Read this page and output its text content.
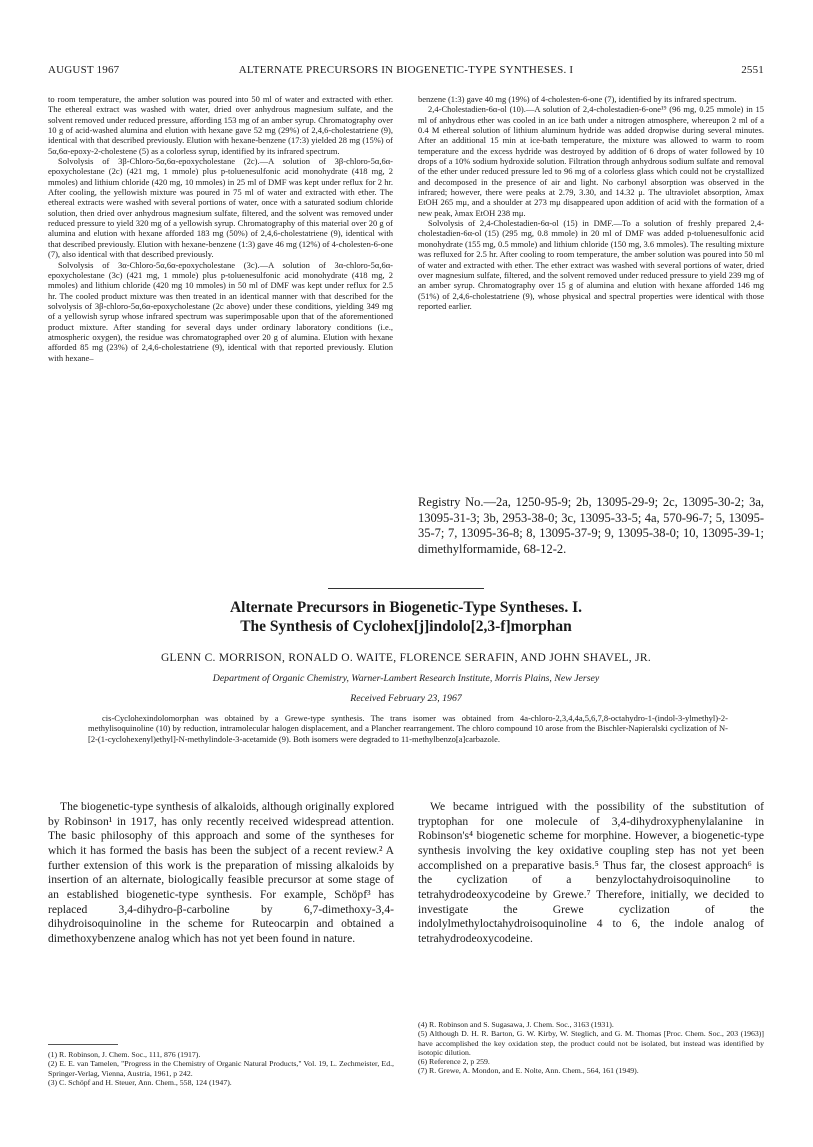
AUGUST 1967	ALTERNATE PRECURSORS IN BIOGENETIC-TYPE SYNTHESES. I	2551

to room temperature, the amber solution was poured into 50 ml of water and extracted with ether. The ethereal extract was washed with water, dried over anhydrous magnesium sulfate, and the solvent removed under reduced pressure, affording 153 mg of an amber syrup. Chromatography over 10 g of acid-washed alumina and elution with hexane gave 52 mg (29%) of 2,4,6-cholestatriene (9), identical with that described previously. Elution with hexane-benzene (17:3) yielded 28 mg (15%) of 5α,6α-epoxy-2-cholestene (5) as a colorless syrup, identified by its infrared spectrum.

Solvolysis of 3β-Chloro-5α,6α-epoxycholestane (2c).—A solution of 3β-chloro-5α,6α-epoxycholestane (2c) (421 mg, 1 mmole) plus p-toluenesulfonic acid monohydrate (418 mg, 2 mmoles) and lithium chloride (420 mg, 10 mmoles) in 25 ml of DMF was kept under reflux for 2 hr. After cooling, the yellowish mixture was poured in 75 ml of water and extracted with ether. The ethereal extracts were washed with several portions of water, once with a saturated sodium chloride solution, then dried over anhydrous magnesium sulfate, filtered, and the solvent was removed under reduced pressure to yield 320 mg of a yellowish syrup. Chromatography of this material over 20 g of alumina and elution with hexane afforded 183 mg (50%) of 2,4,6-cholestatriene (9), identical with that described previously. Elution with hexane-benzene (1:3) gave 46 mg (12%) of 4-cholesten-6-one (7), also identical with that described previously.

Solvolysis of 3α-Chloro-5α,6α-epoxycholestane (3c).—A solution of 3α-chloro-5α,6α-epoxycholestane (3c) (421 mg, 1 mmole) plus p-toluenesulfonic acid monohydrate (418 mg, 2 mmoles) and lithium chloride (420 mg 10 mmoles) in 50 ml of DMF was kept under reflux for 2.5 hr. The cooled product mixture was then treated in an identical manner with that described for the solvolysis of 3β-chloro-5α,6α-epoxycholestane (2c above) under these conditions, yielding 349 mg of a yellowish syrup whose infrared spectrum was superimposable upon that of the aforementioned product mixture. After standing for several days under ordinary laboratory conditions (i.e., atmospheric oxygen), the residue was chromatographed over 20 g of alumina. Elution with hexane afforded 85 mg (23%) of 2,4,6-cholestatriene (9), identical with that reported previously. Elution with hexane–

benzene (1:3) gave 40 mg (19%) of 4-cholesten-6-one (7), identified by its infrared spectrum.

2,4-Cholestadien-6α-ol (10).—A solution of 2,4-cholestadien-6-one¹⁹ (96 mg, 0.25 mmole) in 15 ml of anhydrous ether was cooled in an ice bath under a nitrogen atmosphere, whereupon 2 ml of a 0.4 M ethereal solution of lithium aluminum hydride was added dropwise during several minutes. After an additional 15 min at ice-bath temperature, the mixture was allowed to warm to room temperature and the excess hydride was destroyed by addition of 6 drops of water followed by 10 drops of a 10% sodium hydroxide solution. Filtration through anhydrous sodium sulfate and removal of the ether under reduced pressure led to 96 mg of a colorless glass which could not be crystallized and decomposed in the presence of air and light. No carbonyl absorption was observed in the infrared; however, there were peaks at 2.79, 3.30, and 14.32 μ. The ultraviolet absorption, λmax EtOH 265 mμ, and a shoulder at 273 mμ disappeared upon addition of acid with the formation of a new peak, λmax EtOH 238 mμ.

Solvolysis of 2,4-Cholestadien-6α-ol (15) in DMF.—To a solution of freshly prepared 2,4-cholestadien-6α-ol (15) (295 mg, 0.8 mmole) in 20 ml of DMF was added p-toluenesulfonic acid monohydrate (155 mg, 0.5 mmole) and lithium chloride (150 mg, 3.6 mmoles). The resulting mixture was refluxed for 2.5 hr. After cooling to room temperature, the amber solution was poured into 50 ml of water and extracted with ether. The ether extract was washed with several portions of water, dried over magnesium sulfate, filtered, and the solvent removed under reduced pressure to yield 239 mg of an amber syrup. Chromatography over 15 g of alumina and elution with hexane afforded 146 mg (51%) of 2,4,6-cholestatriene (9), whose physical and spectral properties were identical with those reported earlier.

Registry No.—2a, 1250-95-9; 2b, 13095-29-9; 2c, 13095-30-2; 3a, 13095-31-3; 3b, 2953-38-0; 3c, 13095-33-5; 4a, 570-96-7; 5, 13095-35-7; 7, 13095-36-8; 8, 13095-37-9; 9, 13095-38-0; 10, 13095-39-1; dimethylformamide, 68-12-2.
Alternate Precursors in Biogenetic-Type Syntheses. I.
The Synthesis of Cyclohex[j]indolo[2,3-f]morphan
GLENN C. MORRISON, RONALD O. WAITE, FLORENCE SERAFIN, AND JOHN SHAVEL, JR.
Department of Organic Chemistry, Warner-Lambert Research Institute, Morris Plains, New Jersey
Received February 23, 1967
cis-Cyclohexindolomorphan was obtained by a Grewe-type synthesis. The trans isomer was obtained from 4a-chloro-2,3,4,4a,5,6,7,8-octahydro-1-(indol-3-ylmethyl)-2-methylisoquinoline (10) by reduction, intramolecular halogen displacement, and a Plancher rearrangement. The chloro compound 10 arose from the Bischler-Napieralski cyclization of N-[2-(1-cyclohexenyl)ethyl]-N-methylindole-3-acetamide (9). Both isomers were degraded to 11-methylbenzo[a]carbazole.
The biogenetic-type synthesis of alkaloids, although originally explored by Robinson¹ in 1917, has only recently received widespread attention. The basic philosophy of this approach and some of the syntheses for which it has formed the basis has been the subject of a recent review.² A further extension of this work is the preparation of missing alkaloids by insertion of an alternate, biologically feasible precursor at some stage of an established biogenetic-type synthesis. For example, Schöpf³ has replaced 3,4-dihydro-β-carboline by 6,7-dimethoxy-3,4-dihydroisoquinoline in the scheme for Ruteocarpin and obtained a dimethoxybenzene analog which has not yet been found in nature.
We became intrigued with the possibility of the substitution of tryptophan for one molecule of 3,4-dihydroxyphenylalanine in Robinson's⁴ biogenetic scheme for morphine. However, a biogenetic-type synthesis involving the key oxidative coupling step has not yet been accomplished on a preparative basis.⁵ Thus far, the closest approach⁶ is the cyclization of a benzyloctahydroisoquinoline to tetrahydrodeoxycodeine by Grewe.⁷ Therefore, initially, we decided to investigate the Grewe cyclization of the indolylmethyloctahydroisoquinoline 4 to 6, the indole analog of tetrahydrodeoxycodeine.

(1) R. Robinson, J. Chem. Soc., 111, 876 (1917).

(2) E. E. van Tamelen, "Progress in the Chemistry of Organic Natural Products," Vol. 19, L. Zechmeister, Ed., Springer-Verlag, Vienna, Austria, 1961, p 242.

(3) C. Schöpf and H. Steuer, Ann. Chem., 558, 124 (1947).

(4) R. Robinson and S. Sugasawa, J. Chem. Soc., 3163 (1931).

(5) Although D. H. R. Barton, G. W. Kirby, W. Steglich, and G. M. Thomas [Proc. Chem. Soc., 203 (1963)] have accomplished the key oxidation step, the product could not be isolated, but instead was identified by isotopic dilution.

(6) Reference 2, p 259.

(7) R. Grewe, A. Mondon, and E. Nolte, Ann. Chem., 564, 161 (1949).
